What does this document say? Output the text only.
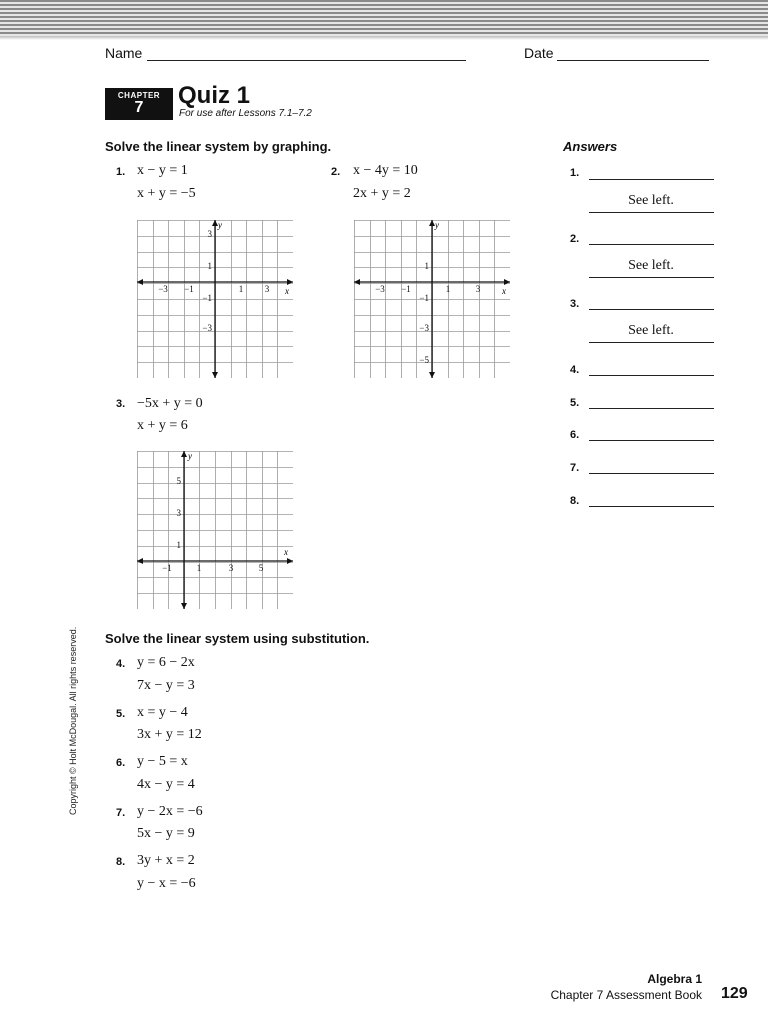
Name	Date
CHAPTER
7	Quiz 1
For use after Lessons 7.1–7.2
Solve the linear system by graphing.
1. x − y = 1
x + y = −5
2. x − 4y = 10
2x + y = 2
y
x
−3 −1	1 3
3
1
−1
−3
y
x
−3 −1	1	3
1
−1
−3
−5
3. −5x + y = 0
x + y = 6
y
x
−1	1	3	5
5
3
1
Solve the linear system using substitution.
4. y = 6 − 2x
7x − y = 3
5. x = y − 4
3x + y = 12
6. y − 5 = x
4x − y = 4
7. y − 2x = −6
5x − y = 9
8. 3y + x = 2
y − x = −6
Answers
1.
See left.
2.
See left.
3.
See left.
4.
5.
6.
7.
8.
Copyright © Holt McDougal. All rights reserved.
Algebra 1
Chapter 7 Assessment Book 129
